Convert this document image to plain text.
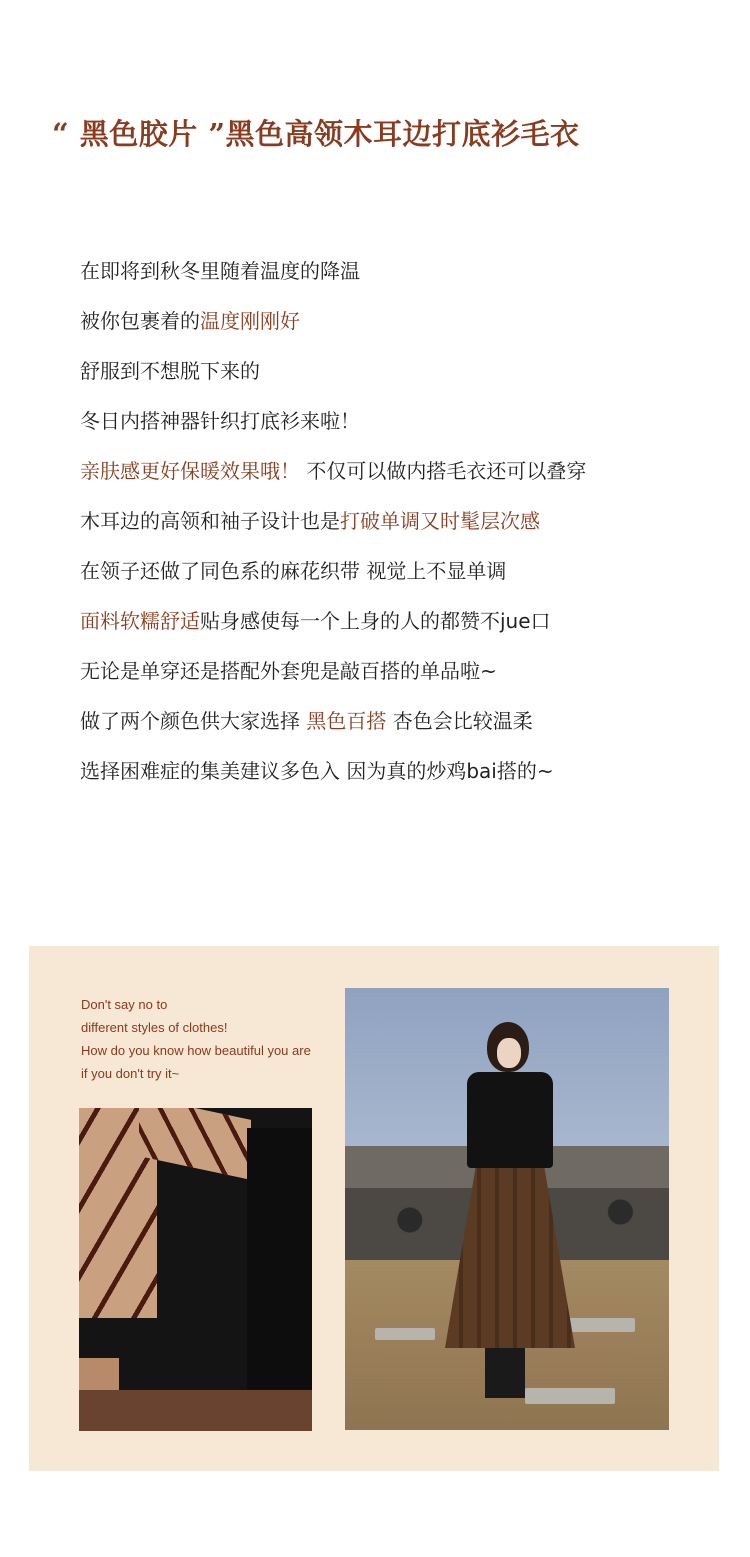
“ 黑色胶片 ”黑色高领木耳边打底衫毛衣
在即将到秋冬里随着温度的降温
被你包裹着的温度刚刚好
舒服到不想脱下来的
冬日内搭神器针织打底衫来啦！
亲肤感更好保暖效果哦！ 不仅可以做内搭毛衣还可以叠穿
木耳边的高领和袖子设计也是打破单调又时髦层次感
在领子还做了同色系的麻花织带 视觉上不显单调
面料软糯舒适贴身感使每一个上身的人的都赞不jue口
无论是单穿还是搭配外套兜是敲百搭的单品啦~
做了两个颜色供大家选择 黑色百搭 杏色会比较温柔
选择困难症的集美建议多色入 因为真的炒鸡bai搭的~
Don't say no to
different styles of clothes!
How do you know how beautiful you are
if you don't try it~
